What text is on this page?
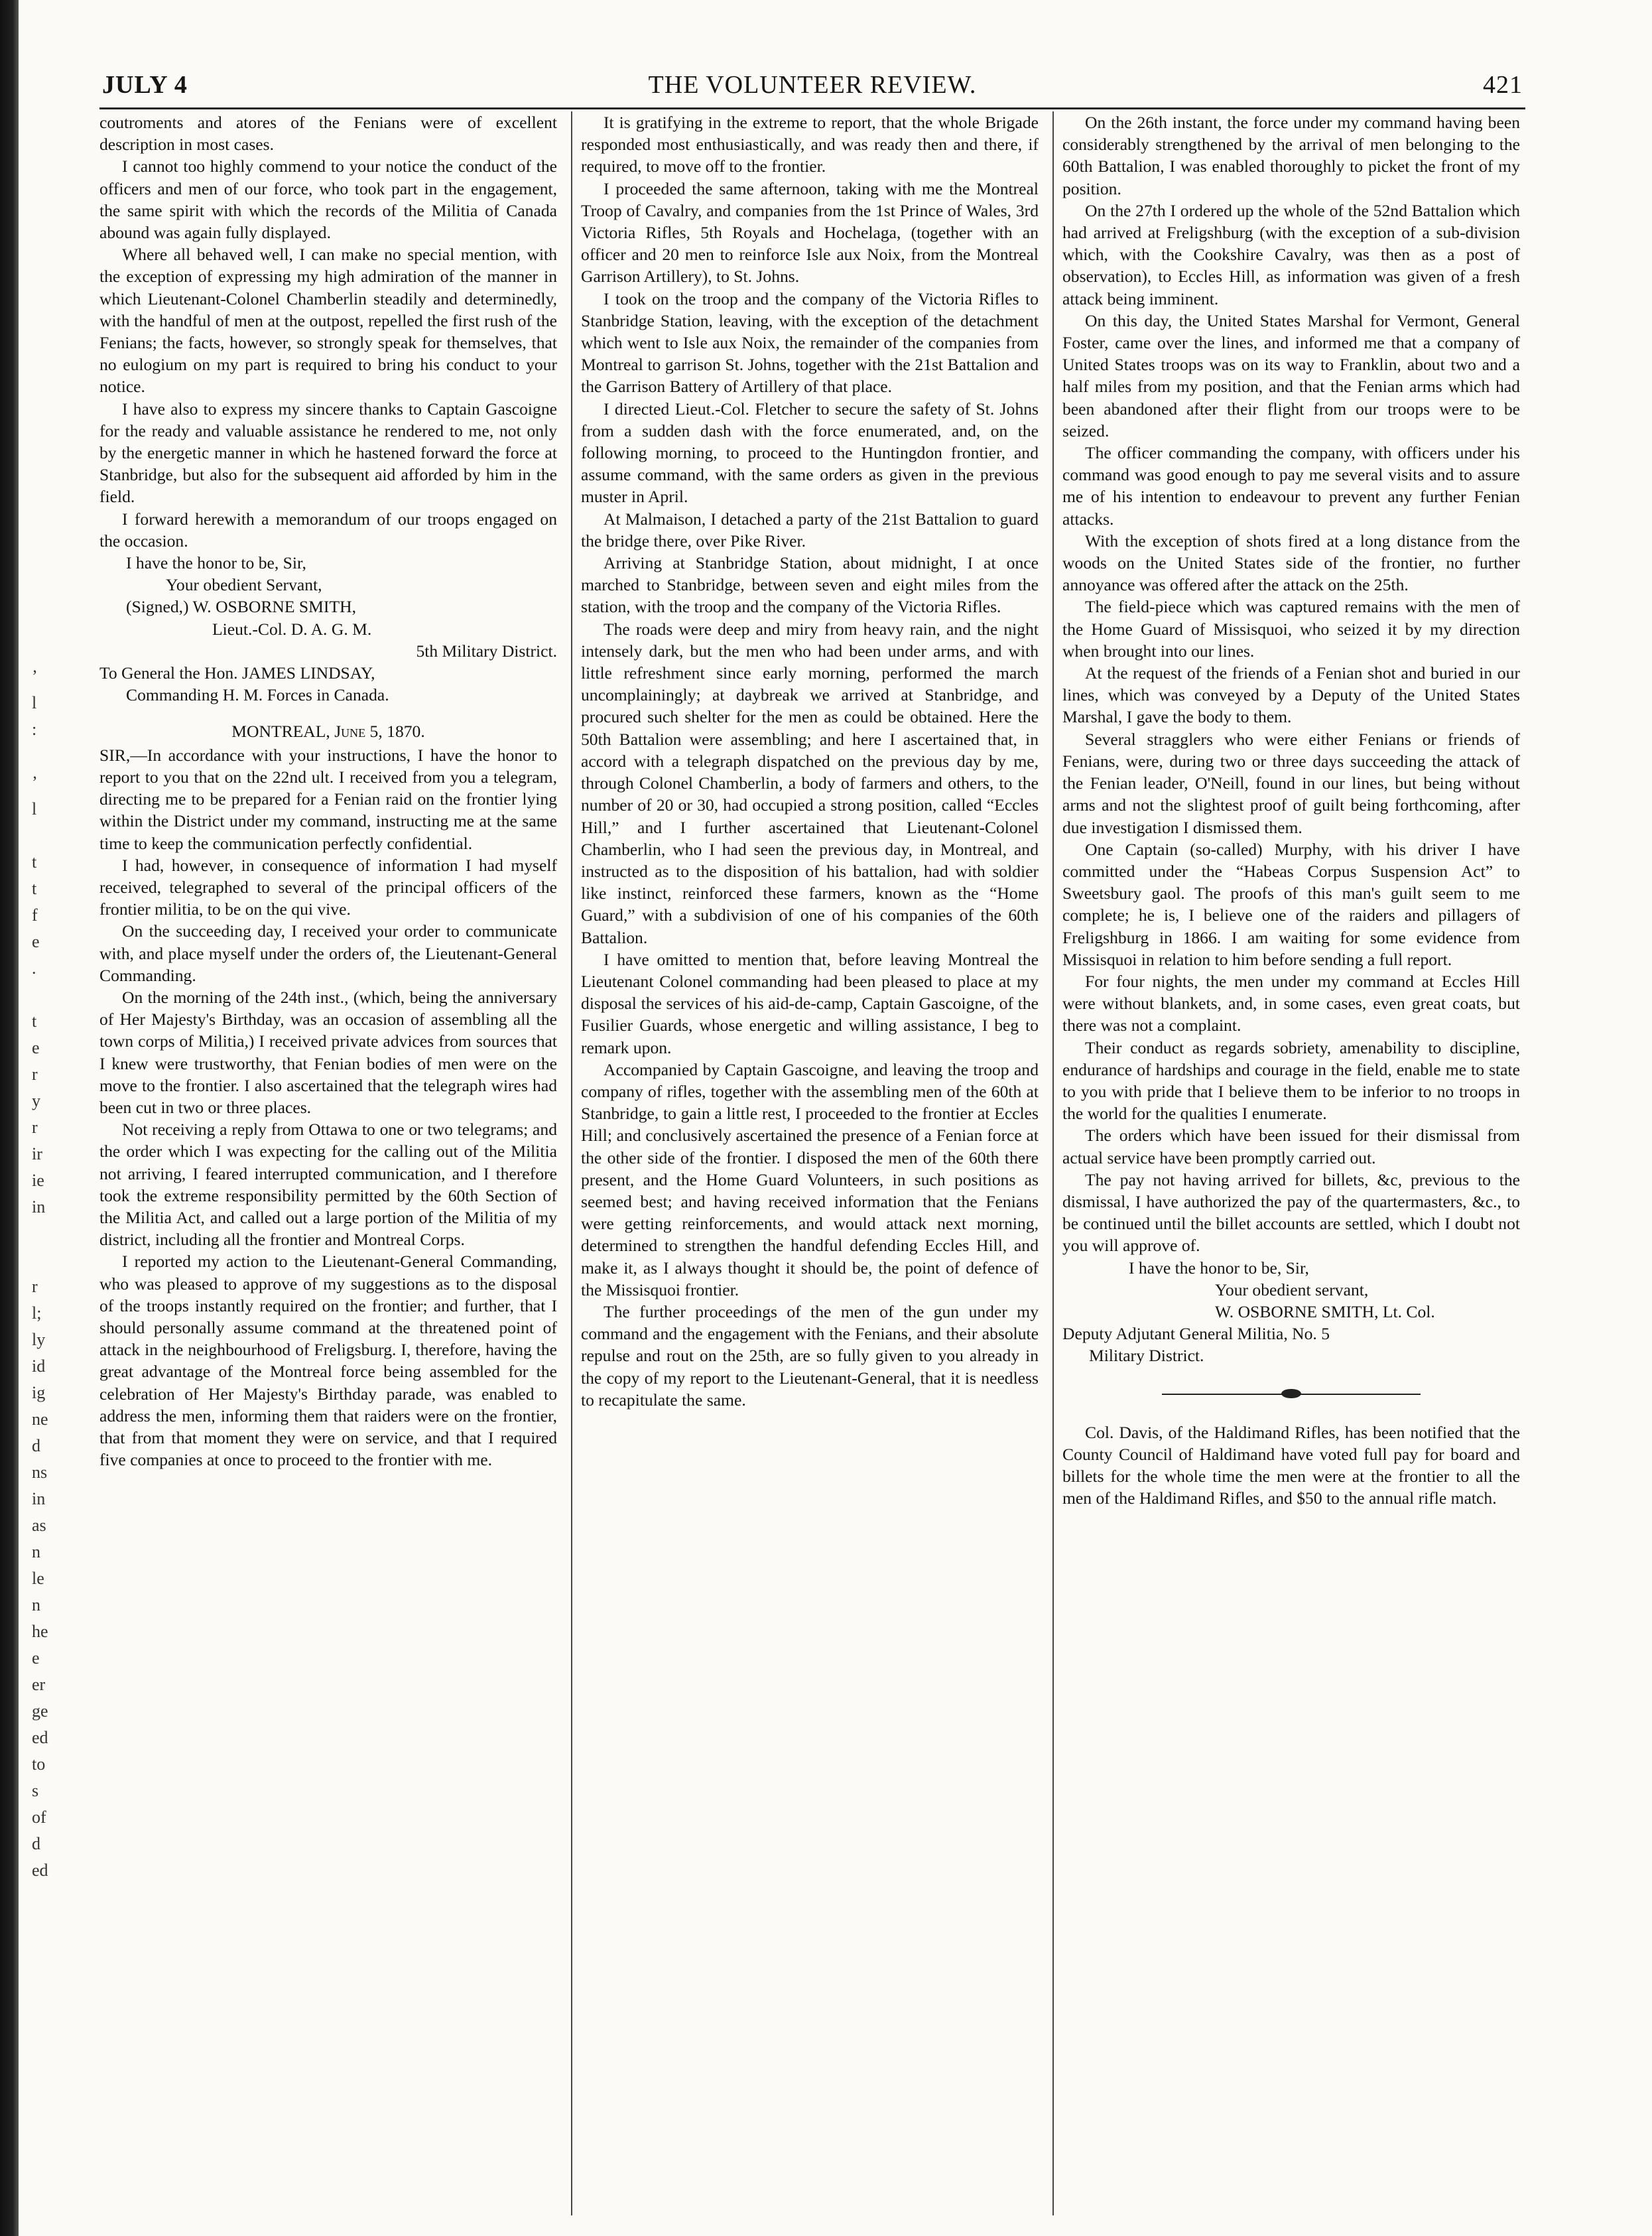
’
l
:
’
l
t
t
f
e
.
t
e
r
y
r
ir
ie
in
r
l;
ly
id
ig
ne
d
ns
in
as
n
le
n
he
e
er
ge
ed
to
s
of
d
ed
JULY 4	THE VOLUNTEER REVIEW.	421

coutroments and atores of the Fenians were of excellent description in most cases.

I cannot too highly commend to your notice the conduct of the officers and men of our force, who took part in the engagement, the same spirit with which the records of the Militia of Canada abound was again fully displayed.

Where all behaved well, I can make no special mention, with the exception of expressing my high admiration of the manner in which Lieutenant-Colonel Chamberlin steadily and determinedly, with the handful of men at the outpost, repelled the first rush of the Fenians; the facts, however, so strongly speak for themselves, that no eulogium on my part is required to bring his conduct to your notice.

I have also to express my sincere thanks to Captain Gascoigne for the ready and valuable assistance he rendered to me, not only by the energetic manner in which he hastened forward the force at Stanbridge, but also for the subsequent aid afforded by him in the field.

I forward herewith a memorandum of our troops engaged on the occasion.

I have the honor to be, Sir,
Your obedient Servant,
(Signed,) W. OSBORNE SMITH,
Lieut.-Col. D. A. G. M.
5th Military District.
To General the Hon. JAMES LINDSAY,
Commanding H. M. Forces in Canada.
MONTREAL, June 5, 1870.

SIR,—In accordance with your instructions, I have the honor to report to you that on the 22nd ult. I received from you a telegram, directing me to be prepared for a Fenian raid on the frontier lying within the District under my command, instructing me at the same time to keep the communication perfectly confidential.

I had, however, in consequence of information I had myself received, telegraphed to several of the principal officers of the frontier militia, to be on the qui vive.

On the succeeding day, I received your order to communicate with, and place myself under the orders of, the Lieutenant-General Commanding.

On the morning of the 24th inst., (which, being the anniversary of Her Majesty's Birthday, was an occasion of assembling all the town corps of Militia,) I received private advices from sources that I knew were trustworthy, that Fenian bodies of men were on the move to the frontier. I also ascertained that the telegraph wires had been cut in two or three places.

Not receiving a reply from Ottawa to one or two telegrams; and the order which I was expecting for the calling out of the Militia not arriving, I feared interrupted communication, and I therefore took the extreme responsibility permitted by the 60th Section of the Militia Act, and called out a large portion of the Militia of my district, including all the frontier and Montreal Corps.

I reported my action to the Lieutenant-General Commanding, who was pleased to approve of my suggestions as to the disposal of the troops instantly required on the frontier; and further, that I should personally assume command at the threatened point of attack in the neighbourhood of Freligsburg. I, therefore, having the great advantage of the Montreal force being assembled for the celebration of Her Majesty's Birthday parade, was enabled to address the men, informing them that raiders were on the frontier, that from that moment they were on service, and that I required five companies at once to proceed to the frontier with me.

It is gratifying in the extreme to report, that the whole Brigade responded most enthusiastically, and was ready then and there, if required, to move off to the frontier.

I proceeded the same afternoon, taking with me the Montreal Troop of Cavalry, and companies from the 1st Prince of Wales, 3rd Victoria Rifles, 5th Royals and Hochelaga, (together with an officer and 20 men to reinforce Isle aux Noix, from the Montreal Garrison Artillery), to St. Johns.

I took on the troop and the company of the Victoria Rifles to Stanbridge Station, leaving, with the exception of the detachment which went to Isle aux Noix, the remainder of the companies from Montreal to garrison St. Johns, together with the 21st Battalion and the Garrison Battery of Artillery of that place.

I directed Lieut.-Col. Fletcher to secure the safety of St. Johns from a sudden dash with the force enumerated, and, on the following morning, to proceed to the Huntingdon frontier, and assume command, with the same orders as given in the previous muster in April.

At Malmaison, I detached a party of the 21st Battalion to guard the bridge there, over Pike River.

Arriving at Stanbridge Station, about midnight, I at once marched to Stanbridge, between seven and eight miles from the station, with the troop and the company of the Victoria Rifles.

The roads were deep and miry from heavy rain, and the night intensely dark, but the men who had been under arms, and with little refreshment since early morning, performed the march uncomplainingly; at daybreak we arrived at Stanbridge, and procured such shelter for the men as could be obtained. Here the 50th Battalion were assembling; and here I ascertained that, in accord with a telegraph dispatched on the previous day by me, through Colonel Chamberlin, a body of farmers and others, to the number of 20 or 30, had occupied a strong position, called “Eccles Hill,” and I further ascertained that Lieutenant-Colonel Chamberlin, who I had seen the previous day, in Montreal, and instructed as to the disposition of his battalion, had with soldier like instinct, reinforced these farmers, known as the “Home Guard,” with a subdivision of one of his companies of the 60th Battalion.

I have omitted to mention that, before leaving Montreal the Lieutenant Colonel commanding had been pleased to place at my disposal the services of his aid-de-camp, Captain Gascoigne, of the Fusilier Guards, whose energetic and willing assistance, I beg to remark upon.

Accompanied by Captain Gascoigne, and leaving the troop and company of rifles, together with the assembling men of the 60th at Stanbridge, to gain a little rest, I proceeded to the frontier at Eccles Hill; and conclusively ascertained the presence of a Fenian force at the other side of the frontier. I disposed the men of the 60th there present, and the Home Guard Volunteers, in such positions as seemed best; and having received information that the Fenians were getting reinforcements, and would attack next morning, determined to strengthen the handful defending Eccles Hill, and make it, as I always thought it should be, the point of defence of the Missisquoi frontier.

The further proceedings of the men of the gun under my command and the engagement with the Fenians, and their absolute repulse and rout on the 25th, are so fully given to you already in the copy of my report to the Lieutenant-General, that it is needless to recapitulate the same.

On the 26th instant, the force under my command having been considerably strengthened by the arrival of men belonging to the 60th Battalion, I was enabled thoroughly to picket the front of my position.

On the 27th I ordered up the whole of the 52nd Battalion which had arrived at Freligshburg (with the exception of a sub-division which, with the Cookshire Cavalry, was then as a post of observation), to Eccles Hill, as information was given of a fresh attack being imminent.

On this day, the United States Marshal for Vermont, General Foster, came over the lines, and informed me that a company of United States troops was on its way to Franklin, about two and a half miles from my position, and that the Fenian arms which had been abandoned after their flight from our troops were to be seized.

The officer commanding the company, with officers under his command was good enough to pay me several visits and to assure me of his intention to endeavour to prevent any further Fenian attacks.

With the exception of shots fired at a long distance from the woods on the United States side of the frontier, no further annoyance was offered after the attack on the 25th.

The field-piece which was captured remains with the men of the Home Guard of Missisquoi, who seized it by my direction when brought into our lines.

At the request of the friends of a Fenian shot and buried in our lines, which was conveyed by a Deputy of the United States Marshal, I gave the body to them.

Several stragglers who were either Fenians or friends of Fenians, were, during two or three days succeeding the attack of the Fenian leader, O'Neill, found in our lines, but being without arms and not the slightest proof of guilt being forthcoming, after due investigation I dismissed them.

One Captain (so-called) Murphy, with his driver I have committed under the “Habeas Corpus Suspension Act” to Sweetsbury gaol. The proofs of this man's guilt seem to me complete; he is, I believe one of the raiders and pillagers of Freligshburg in 1866. I am waiting for some evidence from Missisquoi in relation to him before sending a full report.

For four nights, the men under my command at Eccles Hill were without blankets, and, in some cases, even great coats, but there was not a complaint.

Their conduct as regards sobriety, amenability to discipline, endurance of hardships and courage in the field, enable me to state to you with pride that I believe them to be inferior to no troops in the world for the qualities I enumerate.

The orders which have been issued for their dismissal from actual service have been promptly carried out.

The pay not having arrived for billets, &c, previous to the dismissal, I have authorized the pay of the quartermasters, &c., to be continued until the billet accounts are settled, which I doubt not you will approve of.

I have the honor to be, Sir,
Your obedient servant,
W. OSBORNE SMITH, Lt. Col.
Deputy Adjutant General Militia, No. 5
Military District.

Col. Davis, of the Haldimand Rifles, has been notified that the County Council of Haldimand have voted full pay for board and billets for the whole time the men were at the frontier to all the men of the Haldimand Rifles, and $50 to the annual rifle match.
